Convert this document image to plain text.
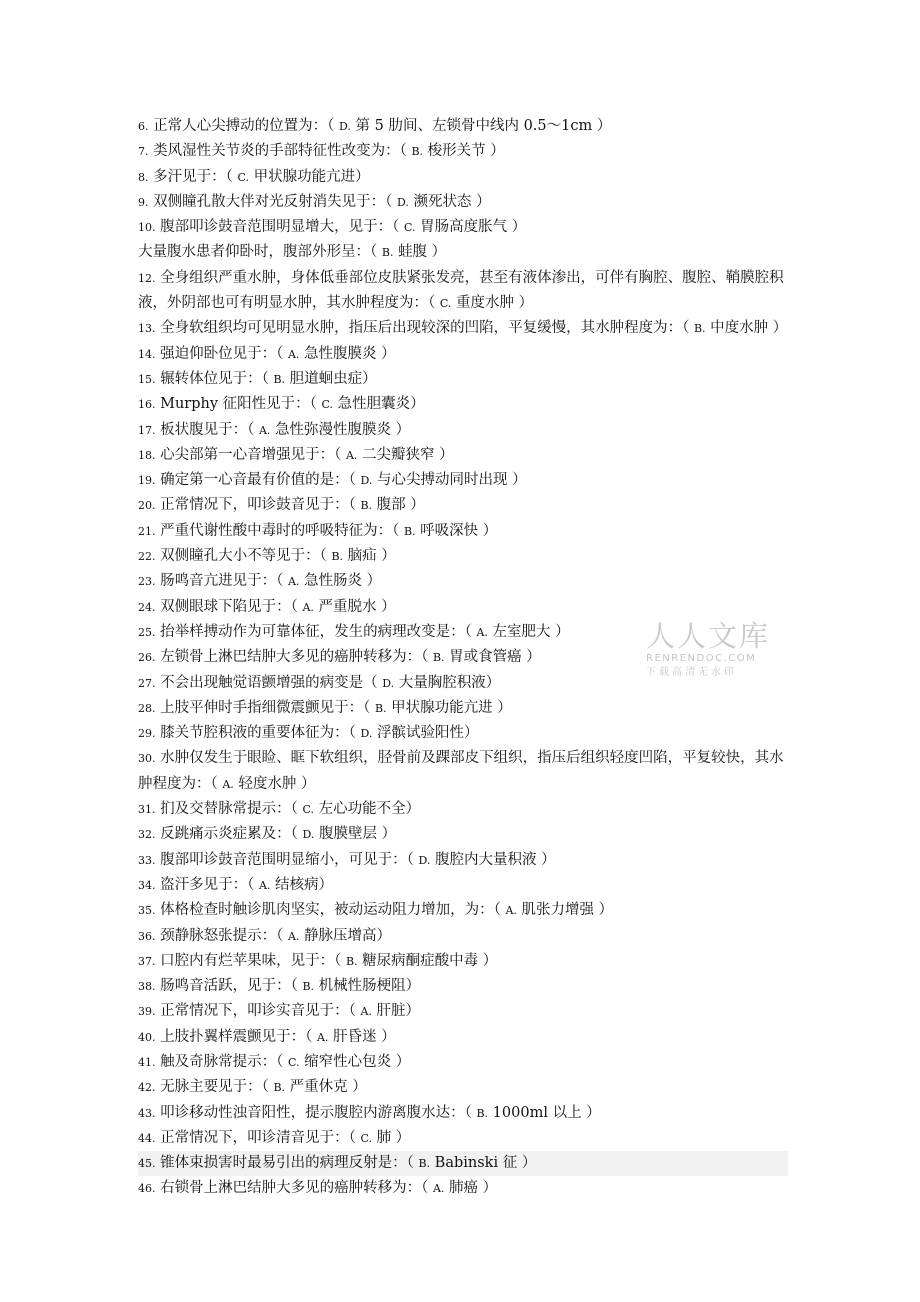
6. 正常人心尖搏动的位置为：（ D. 第 5 肋间、左锁骨中线内 0.5～1cm ）
7. 类风湿性关节炎的手部特征性改变为：（ B. 梭形关节 ）
8. 多汗见于：（ C. 甲状腺功能亢进）
9. 双侧瞳孔散大伴对光反射消失见于：（ D. 濒死状态 ）
10. 腹部叩诊鼓音范围明显增大，见于：（ C. 胃肠高度胀气 ）
大量腹水患者仰卧时，腹部外形呈：（ B. 蛙腹 ）
12. 全身组织严重水肿，身体低垂部位皮肤紧张发亮，甚至有液体渗出，可伴有胸腔、腹腔、鞘膜腔积液，外阴部也可有明显水肿，其水肿程度为：（ C. 重度水肿 ）
13. 全身软组织均可见明显水肿，指压后出现较深的凹陷，平复缓慢，其水肿程度为：（ B. 中度水肿 ）
14. 强迫仰卧位见于：（ A. 急性腹膜炎 ）
15. 辗转体位见于：（ B. 胆道蛔虫症）
16. Murphy 征阳性见于：（ C. 急性胆囊炎）
17. 板状腹见于：（ A. 急性弥漫性腹膜炎 ）
18. 心尖部第一心音增强见于：（ A. 二尖瓣狭窄 ）
19. 确定第一心音最有价值的是：（ D. 与心尖搏动同时出现 ）
20. 正常情况下，叩诊鼓音见于：（ B. 腹部 ）
21. 严重代谢性酸中毒时的呼吸特征为：（ B. 呼吸深快 ）
22. 双侧瞳孔大小不等见于：（ B. 脑疝 ）
23. 肠鸣音亢进见于：（ A. 急性肠炎 ）
24. 双侧眼球下陷见于：（ A. 严重脱水 ）
25. 抬举样搏动作为可靠体征，发生的病理改变是：（ A. 左室肥大 ）
26. 左锁骨上淋巴结肿大多见的癌肿转移为：（ B. 胃或食管癌 ）
27. 不会出现触觉语颤增强的病变是（ D. 大量胸腔积液）
28. 上肢平伸时手指细微震颤见于：（ B. 甲状腺功能亢进 ）
29. 膝关节腔积液的重要体征为：（ D. 浮髌试验阳性）
30. 水肿仅发生于眼睑、眶下软组织，胫骨前及踝部皮下组织，指压后组织轻度凹陷，平复较快，其水肿程度为：（ A. 轻度水肿 ）
31. 扪及交替脉常提示：（ C. 左心功能不全）
32. 反跳痛示炎症累及：（ D. 腹膜壁层 ）
33. 腹部叩诊鼓音范围明显缩小，可见于：（ D. 腹腔内大量积液 ）
34. 盗汗多见于：（ A. 结核病）
35. 体格检查时触诊肌肉坚实，被动运动阻力增加，为：（ A. 肌张力增强 ）
36. 颈静脉怒张提示：（ A. 静脉压增高）
37. 口腔内有烂苹果味，见于：（ B. 糖尿病酮症酸中毒 ）
38. 肠鸣音活跃，见于：（ B. 机械性肠梗阻）
39. 正常情况下，叩诊实音见于：（ A. 肝脏）
40. 上肢扑翼样震颤见于：（ A. 肝昏迷 ）
41. 触及奇脉常提示：（ C. 缩窄性心包炎 ）
42. 无脉主要见于：（ B. 严重休克 ）
43. 叩诊移动性浊音阳性，提示腹腔内游离腹水达：（ B. 1000ml 以上 ）
44. 正常情况下，叩诊清音见于：（ C. 肺 ）
45. 锥体束损害时最易引出的病理反射是：（ B. Babinski 征 ）
46. 右锁骨上淋巴结肿大多见的癌肿转移为：（ A. 肺癌 ）
人人文库
RENRENDOC.COM
下载高清无水印
